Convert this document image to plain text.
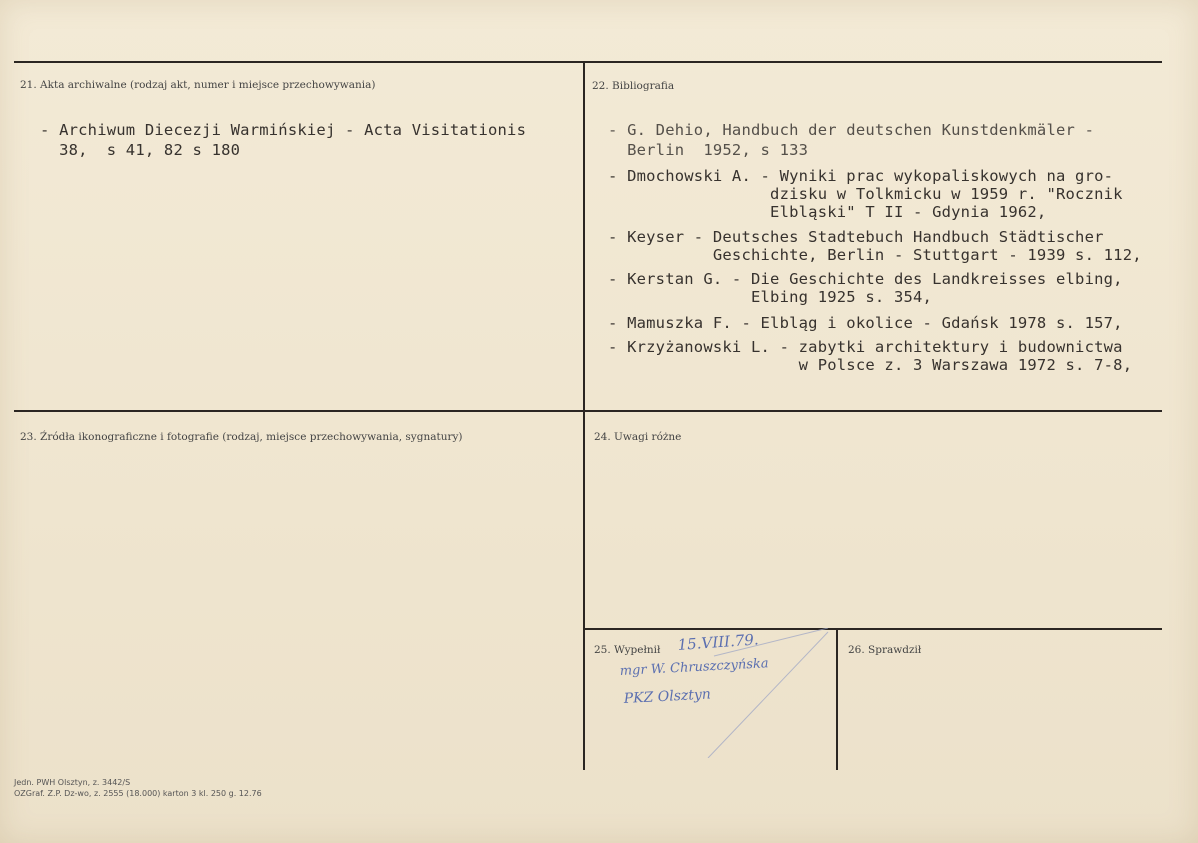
21. Akta archiwalne (rodzaj akt, numer i miejsce przechowywania)
- Archiwum Diecezji Warmińskiej - Acta Visitationis
38,  s 41, 82 s 180
22. Bibliografia
- G. Dehio, Handbuch der deutschen Kunstdenkmäler -
Berlin  1952, s 133
- Dmochowski A. - Wyniki prac wykopaliskowych na gro-
dzisku w Tolkmicku w 1959 r. "Rocznik
Elbląski" T II - Gdynia 1962,
- Keyser - Deutsches Stadtebuch Handbuch Städtischer
Geschichte, Berlin - Stuttgart - 1939 s. 112,
- Kerstan G. - Die Geschichte des Landkreisses elbing,
Elbing 1925 s. 354,
- Mamuszka F. - Elbląg i okolice - Gdańsk 1978 s. 157,
- Krzyżanowski L. - zabytki architektury i budownictwa
w Polsce z. 3 Warszawa 1972 s. 7-8,
23. Źródła ikonograficzne i fotografie (rodzaj, miejsce przechowywania, sygnatury)	24. Uwagi różne
25. Wypełnił	26. Sprawdził
15.VIII.79.
mgr W. Chruszczyńska
PKZ Olsztyn
Jedn. PWH Olsztyn, z. 3442/S
OZGraf. Z.P. Dz-wo, z. 2555 (18.000) karton 3 kl. 250 g. 12.76
